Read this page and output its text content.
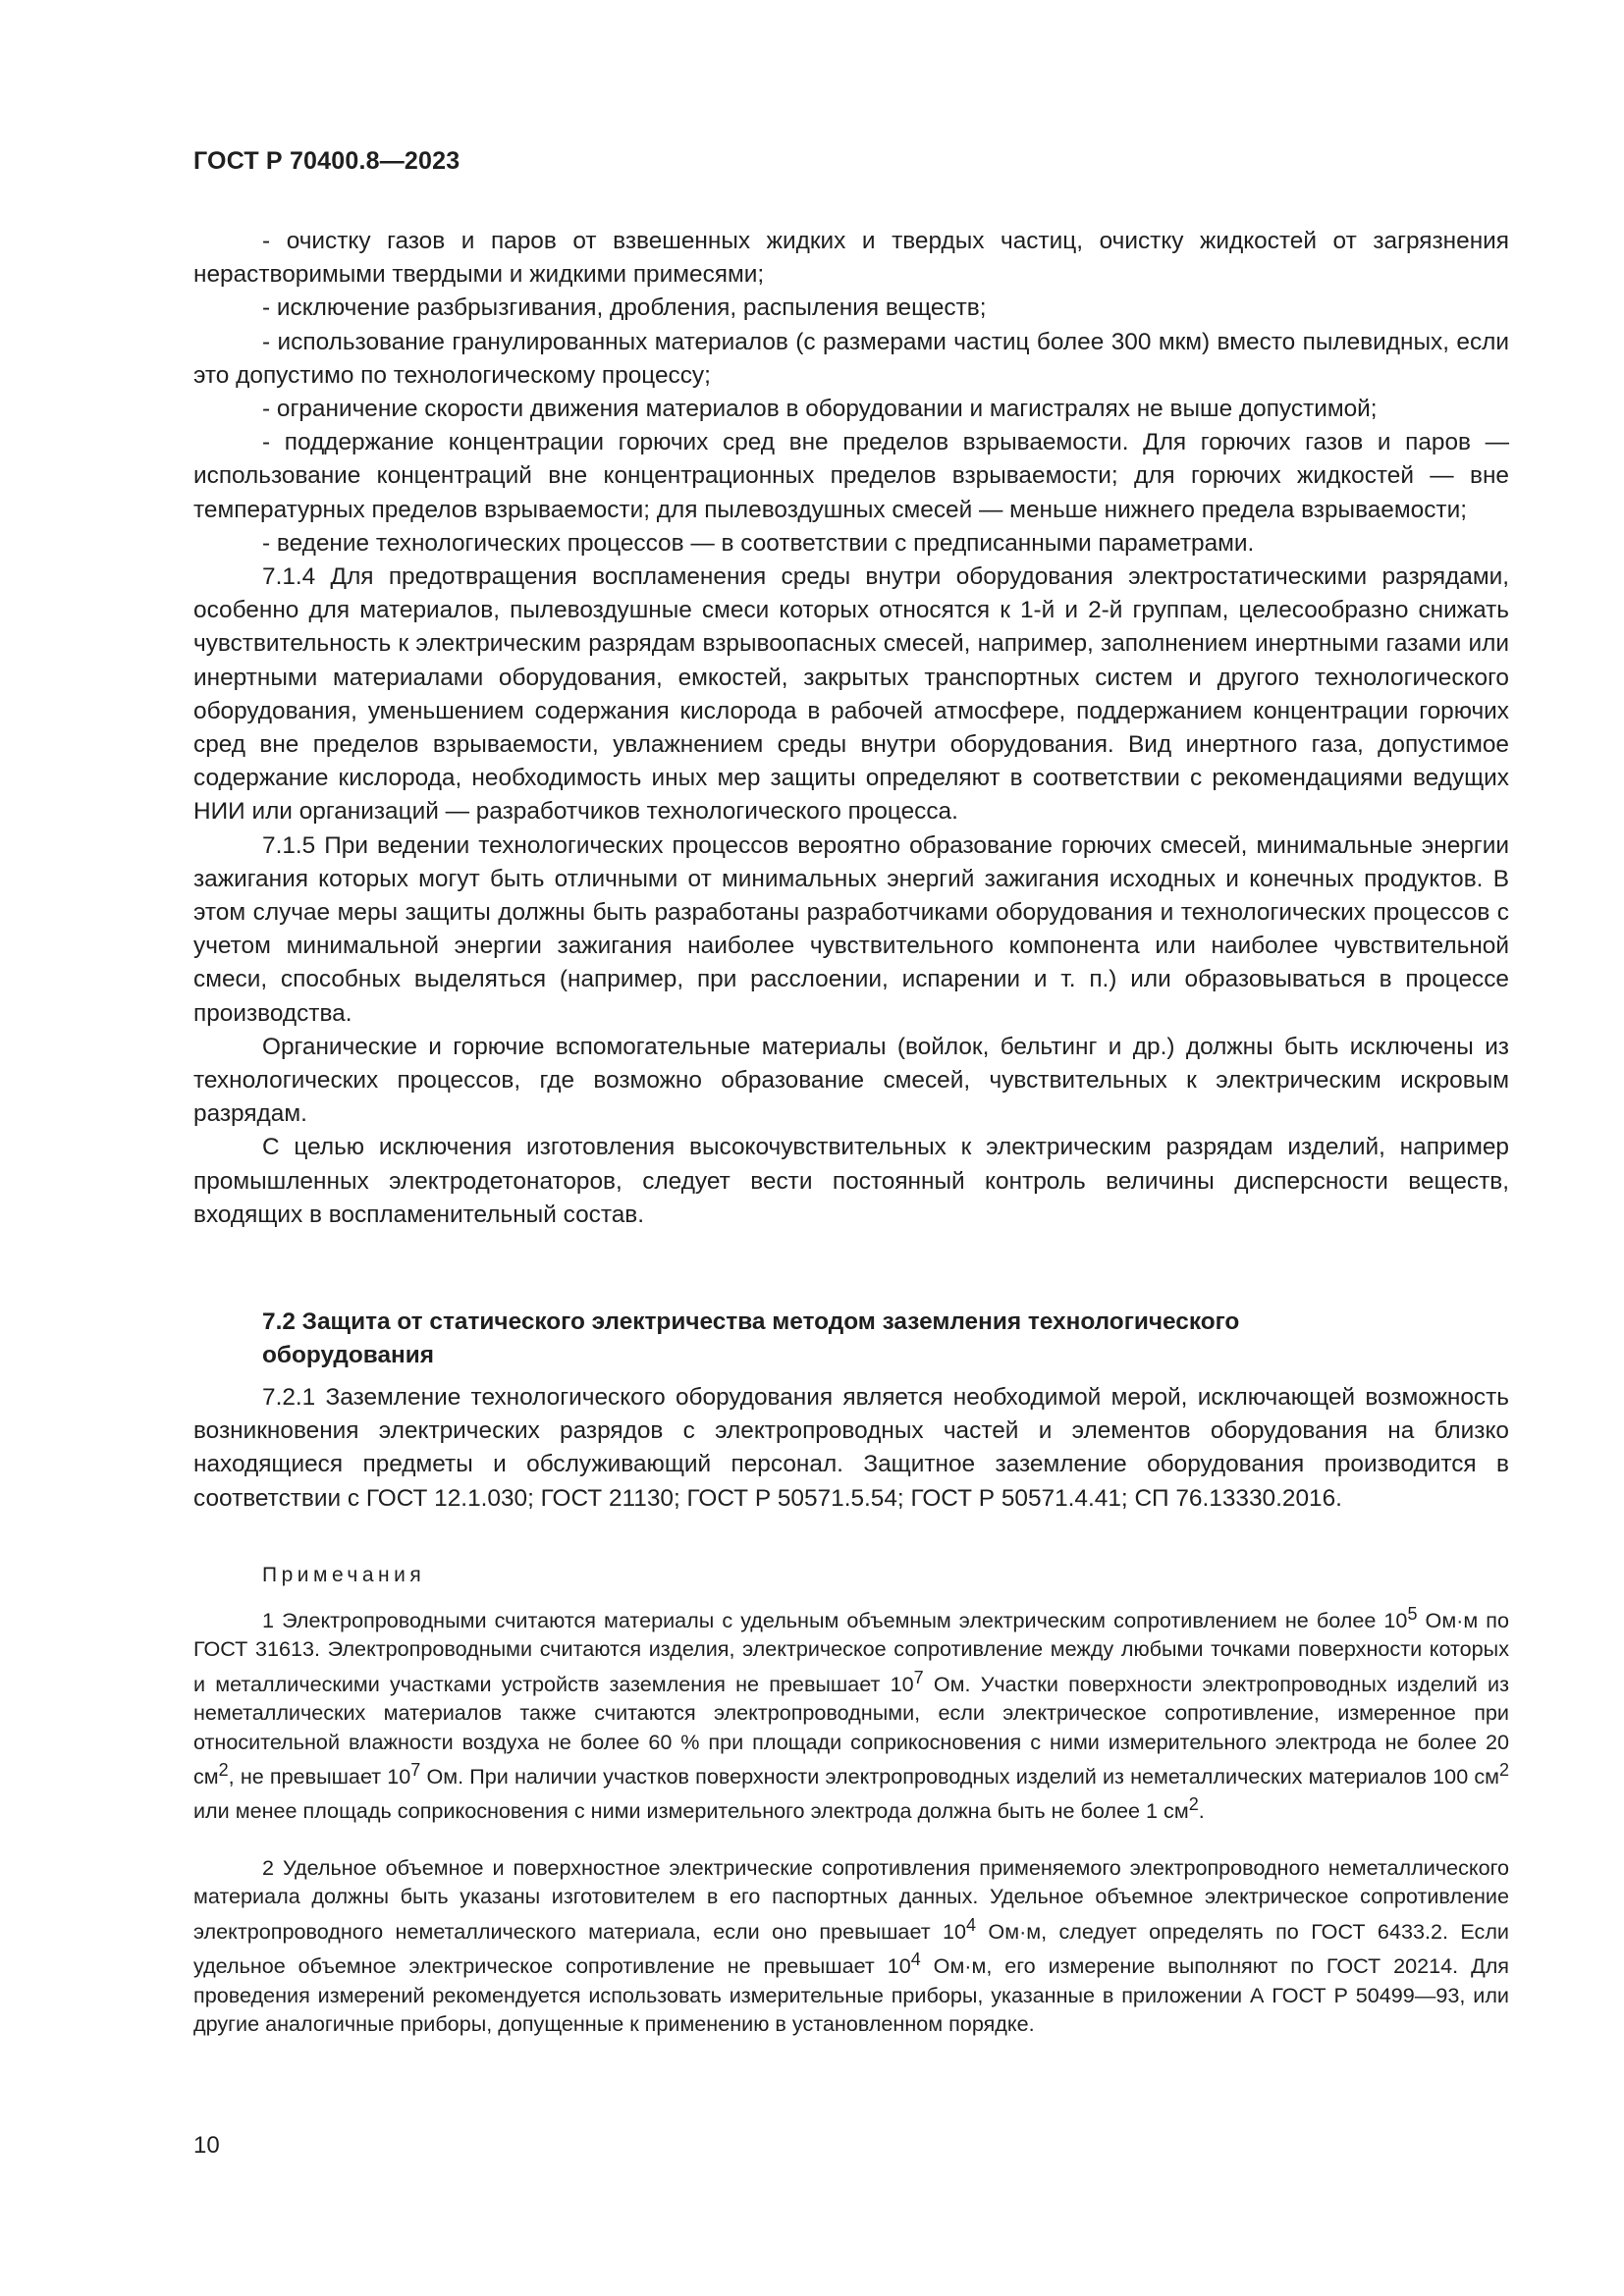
ГОСТ Р 70400.8—2023

- очистку газов и паров от взвешенных жидких и твердых частиц, очистку жидкостей от загрязнения нерастворимыми твердыми и жидкими примесями;

- исключение разбрызгивания, дробления, распыления веществ;

- использование гранулированных материалов (с размерами частиц более 300 мкм) вместо пылевидных, если это допустимо по технологическому процессу;

- ограничение скорости движения материалов в оборудовании и магистралях не выше допустимой;

- поддержание концентрации горючих сред вне пределов взрываемости. Для горючих газов и паров — использование концентраций вне концентрационных пределов взрываемости; для горючих жидкостей — вне температурных пределов взрываемости; для пылевоздушных смесей — меньше нижнего предела взрываемости;

- ведение технологических процессов — в соответствии с предписанными параметрами.

7.1.4 Для предотвращения воспламенения среды внутри оборудования электростатическими разрядами, особенно для материалов, пылевоздушные смеси которых относятся к 1-й и 2-й группам, целесообразно снижать чувствительность к электрическим разрядам взрывоопасных смесей, например, заполнением инертными газами или инертными материалами оборудования, емкостей, закрытых транспортных систем и другого технологического оборудования, уменьшением содержания кислорода в рабочей атмосфере, поддержанием концентрации горючих сред вне пределов взрываемости, увлажнением среды внутри оборудования. Вид инертного газа, допустимое содержание кислорода, необходимость иных мер защиты определяют в соответствии с рекомендациями ведущих НИИ или организаций — разработчиков технологического процесса.

7.1.5 При ведении технологических процессов вероятно образование горючих смесей, минимальные энергии зажигания которых могут быть отличными от минимальных энергий зажигания исходных и конечных продуктов. В этом случае меры защиты должны быть разработаны разработчиками оборудования и технологических процессов с учетом минимальной энергии зажигания наиболее чувствительного компонента или наиболее чувствительной смеси, способных выделяться (например, при расслоении, испарении и т. п.) или образовываться в процессе производства.

Органические и горючие вспомогательные материалы (войлок, бельтинг и др.) должны быть исключены из технологических процессов, где возможно образование смесей, чувствительных к электрическим искровым разрядам.

С целью исключения изготовления высокочувствительных к электрическим разрядам изделий, например промышленных электродетонаторов, следует вести постоянный контроль величины дисперсности веществ, входящих в воспламенительный состав.

7.2 Защита от статического электричества методом заземления технологического оборудования

7.2.1 Заземление технологического оборудования является необходимой мерой, исключающей возможность возникновения электрических разрядов с электропроводных частей и элементов оборудования на близко находящиеся предметы и обслуживающий персонал. Защитное заземление оборудования производится в соответствии с ГОСТ 12.1.030; ГОСТ 21130; ГОСТ Р 50571.5.54; ГОСТ Р 50571.4.41; СП 76.13330.2016.

Примечания

1 Электропроводными считаются материалы с удельным объемным электрическим сопротивлением не более $10^5$ Ом·м по ГОСТ 31613. Электропроводными считаются изделия, электрическое сопротивление между любыми точками поверхности которых и металлическими участками устройств заземления не превышает $10^7$ Ом. Участки поверхности электропроводных изделий из неметаллических материалов также считаются электропроводными, если электрическое сопротивление, измеренное при относительной влажности воздуха не более 60 % при площади соприкосновения с ними измерительного электрода не более 20 $см^2$, не превышает $10^7$ Ом. При наличии участков поверхности электропроводных изделий из неметаллических материалов 100 $см^2$ или менее площадь соприкосновения с ними измерительного электрода должна быть не более 1 $см^2$.

2 Удельное объемное и поверхностное электрические сопротивления применяемого электропроводного неметаллического материала должны быть указаны изготовителем в его паспортных данных. Удельное объемное электрическое сопротивление электропроводного неметаллического материала, если оно превышает $10^4$ Ом·м, следует определять по ГОСТ 6433.2. Если удельное объемное электрическое сопротивление не превышает $10^4$ Ом·м, его измерение выполняют по ГОСТ 20214. Для проведения измерений рекомендуется использовать измерительные приборы, указанные в приложении А ГОСТ Р 50499—93, или другие аналогичные приборы, допущенные к применению в установленном порядке.

10
